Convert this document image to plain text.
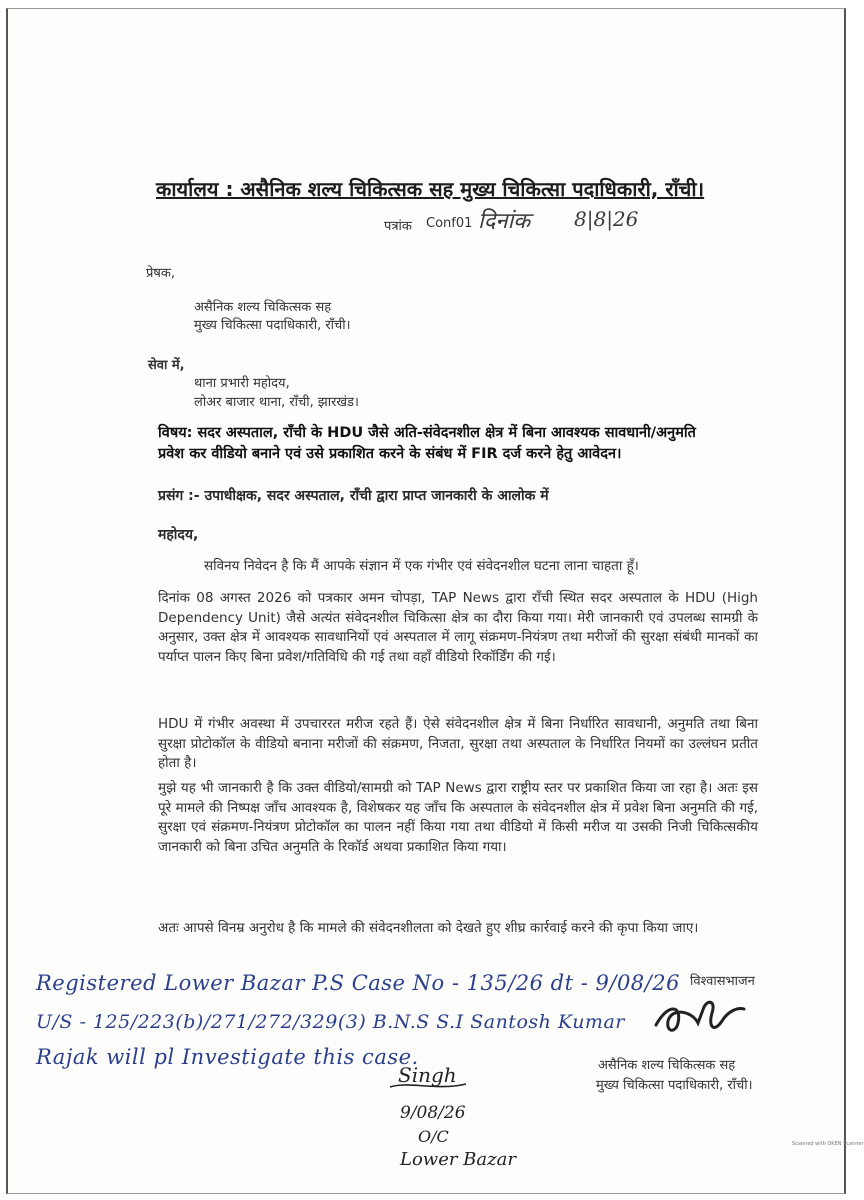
कार्यालय : असैनिक शल्य चिकित्सक सह मुख्य चिकित्सा पदाधिकारी, राँची।
पत्रांक Conf01 दिनांक 8|8|26
प्रेषक,
असैनिक शल्य चिकित्सक सह
मुख्य चिकित्सा पदाधिकारी, राँची।
सेवा में,
थाना प्रभारी महोदय,
लोअर बाजार थाना, राँची, झारखंड।
विषय: सदर अस्पताल, राँची के HDU जैसे अति-संवेदनशील क्षेत्र में बिना आवश्यक सावधानी/अनुमति
प्रवेश कर वीडियो बनाने एवं उसे प्रकाशित करने के संबंध में FIR दर्ज करने हेतु आवेदन।
प्रसंग :- उपाधीक्षक, सदर अस्पताल, राँची द्वारा प्राप्त जानकारी के आलोक में
महोदय,
सविनय निवेदन है कि मैं आपके संज्ञान में एक गंभीर एवं संवेदनशील घटना लाना चाहता हूँ।
दिनांक 08 अगस्त 2026 को पत्रकार अमन चोपड़ा, TAP News द्वारा राँची स्थित सदर अस्पताल के HDU (High Dependency Unit) जैसे अत्यंत संवेदनशील चिकित्सा क्षेत्र का दौरा किया गया। मेरी जानकारी एवं उपलब्ध सामग्री के अनुसार, उक्त क्षेत्र में आवश्यक सावधानियों एवं अस्पताल में लागू संक्रमण-नियंत्रण तथा मरीजों की सुरक्षा संबंधी मानकों का पर्याप्त पालन किए बिना प्रवेश/गतिविधि की गई तथा वहाँ वीडियो रिकॉर्डिंग की गई।
HDU में गंभीर अवस्था में उपचाररत मरीज रहते हैं। ऐसे संवेदनशील क्षेत्र में बिना निर्धारित सावधानी, अनुमति तथा बिना सुरक्षा प्रोटोकॉल के वीडियो बनाना मरीजों की संक्रमण, निजता, सुरक्षा तथा अस्पताल के निर्धारित नियमों का उल्लंघन प्रतीत होता है।
मुझे यह भी जानकारी है कि उक्त वीडियो/सामग्री को TAP News द्वारा राष्ट्रीय स्तर पर प्रकाशित किया जा रहा है। अतः इस पूरे मामले की निष्पक्ष जाँच आवश्यक है, विशेषकर यह जाँच कि अस्पताल के संवेदनशील क्षेत्र में प्रवेश बिना अनुमति की गई, सुरक्षा एवं संक्रमण-नियंत्रण प्रोटोकॉल का पालन नहीं किया गया तथा वीडियो में किसी मरीज या उसकी निजी चिकित्सकीय जानकारी को बिना उचित अनुमति के रिकॉर्ड अथवा प्रकाशित किया गया।
अतः आपसे विनम्र अनुरोध है कि मामले की संवेदनशीलता को देखते हुए शीघ्र कार्रवाई करने की कृपा किया जाए।
विश्वासभाजन
Registered Lower Bazar P.S Case No - 135/26 dt - 9/08/26
U/S - 125/223(b)/271/272/329(3) B.N.S S.I Santosh Kumar
Rajak will pl Investigate this case.	असैनिक शल्य चिकित्सक सह
मुख्य चिकित्सा पदाधिकारी, राँची।
Singh
9/08/26
O/C
Lower Bazar
Scanned with OKEN Scanner
